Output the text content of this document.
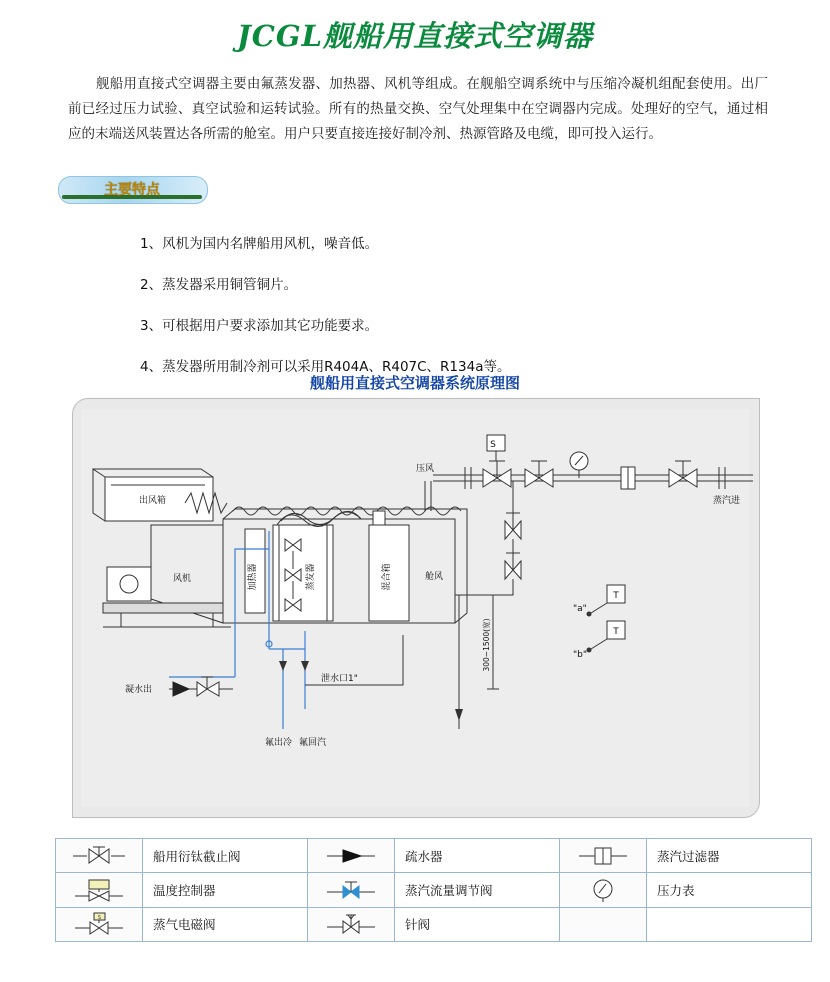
JCGL舰船用直接式空调器
舰船用直接式空调器主要由氟蒸发器、加热器、风机等组成。在舰船空调系统中与压缩冷凝机组配套使用。出厂前已经过压力试验、真空试验和运转试验。所有的热量交换、空气处理集中在空调器内完成。处理好的空气，通过相应的末端送风装置达各所需的舱室。用户只要直接连接好制冷剂、热源管路及电缆，即可投入运行。
主要特点
1、风机为国内名牌船用风机，噪音低。
2、蒸发器采用铜管铜片。
3、可根据用户要求添加其它功能要求。
4、蒸发器所用制冷剂可以采用R404A、R407C、R134a等。
舰船用直接式空调器系统原理图
S
蒸汽进
压风
出风箱
风机	加热器	蒸发器	混合箱	舱风
凝水出
泄水口1"
氟出冷 氟回汽
300~1500(宽)
T
"a"
T
"b"
	船用衍钛截止阀		疏水器		蒸汽过滤器

	温度控制器		蒸汽流量调节阀		压力表

S	蒸气电磁阀		针阀		
